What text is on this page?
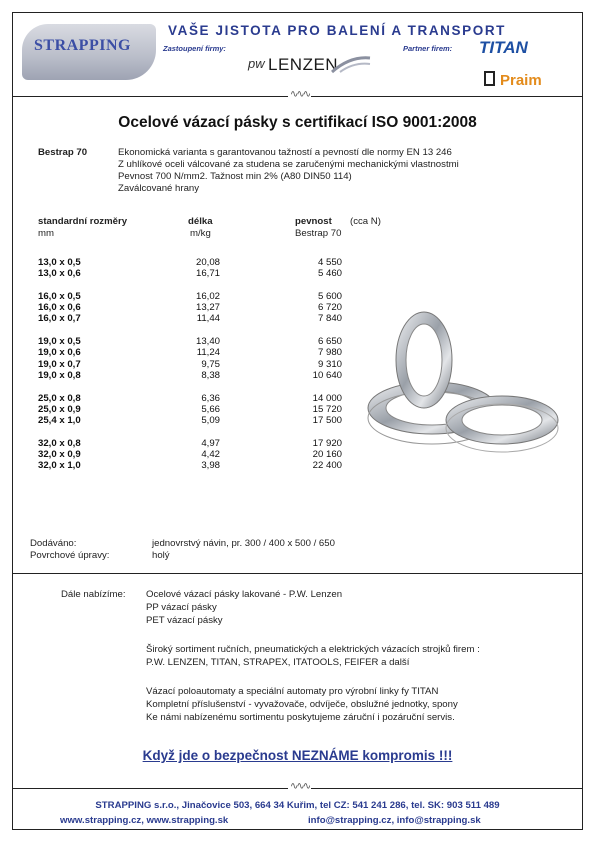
STRAPPING
VAŠE JISTOTA PRO BALENÍ A TRANSPORT
Zastoupení firmy:
pw LENZEN
Partner firem: TITAN
Praim
∿∿∿
Ocelové vázací pásky s certifikací ISO 9001:2008
Bestrap 70	Ekonomická varianta s garantovanou tažností a pevností dle normy EN 13 246
Z uhlíkové oceli válcované za studena se zaručenými mechanickými vlastnostmi
Pevnost 700 N/mm2. Tažnost min 2% (A80 DIN50 114)
Zaválcované hrany
standardní rozměry	délka	pevnost (cca N)
mm	m/kg	Bestrap 70
13,0 x 0,5	20,08	4 550
13,0 x 0,6	16,71	5 460
16,0 x 0,5	16,02	5 600
16,0 x 0,6	13,27	6 720
16,0 x 0,7	11,44	7 840
19,0 x 0,5	13,40	6 650
19,0 x 0,6	11,24	7 980
19,0 x 0,7	9,75	9 310
19,0 x 0,8	8,38	10 640
25,0 x 0,8	6,36	14 000
25,0 x 0,9	5,66	15 720
25,4 x 1,0	5,09	17 500
32,0 x 0,8	4,97	17 920
32,0 x 0,9	4,42	20 160
32,0 x 1,0	3,98	22 400
Dodáváno:	jednovrstvý návin, pr. 300 / 400 x 500 / 650
Povrchové úpravy:	holý
Dále nabízíme: Ocelové vázací pásky lakované - P.W. Lenzen
PP vázací pásky
PET vázací pásky
Široký sortiment ručních, pneumatických a elektrických vázacích strojků firem :
P.W. LENZEN, TITAN, STRAPEX, ITATOOLS, FEIFER a další
Vázací poloautomaty a speciální automaty pro výrobní linky fy TITAN
Kompletní příslušenství - vyvažovače, odvíječe, obslužné jednotky, spony
Ke námi nabízenému sortimentu poskytujeme záruční i pozáruční servis.
Když jde o bezpečnost NEZNÁME kompromis !!!
∿∿∿
STRAPPING s.r.o., Jinačovice 503, 664 34 Kuřim, tel CZ: 541 241 286, tel. SK: 903 511 489
www.strapping.cz, www.strapping.sk	info@strapping.cz, info@strapping.sk
